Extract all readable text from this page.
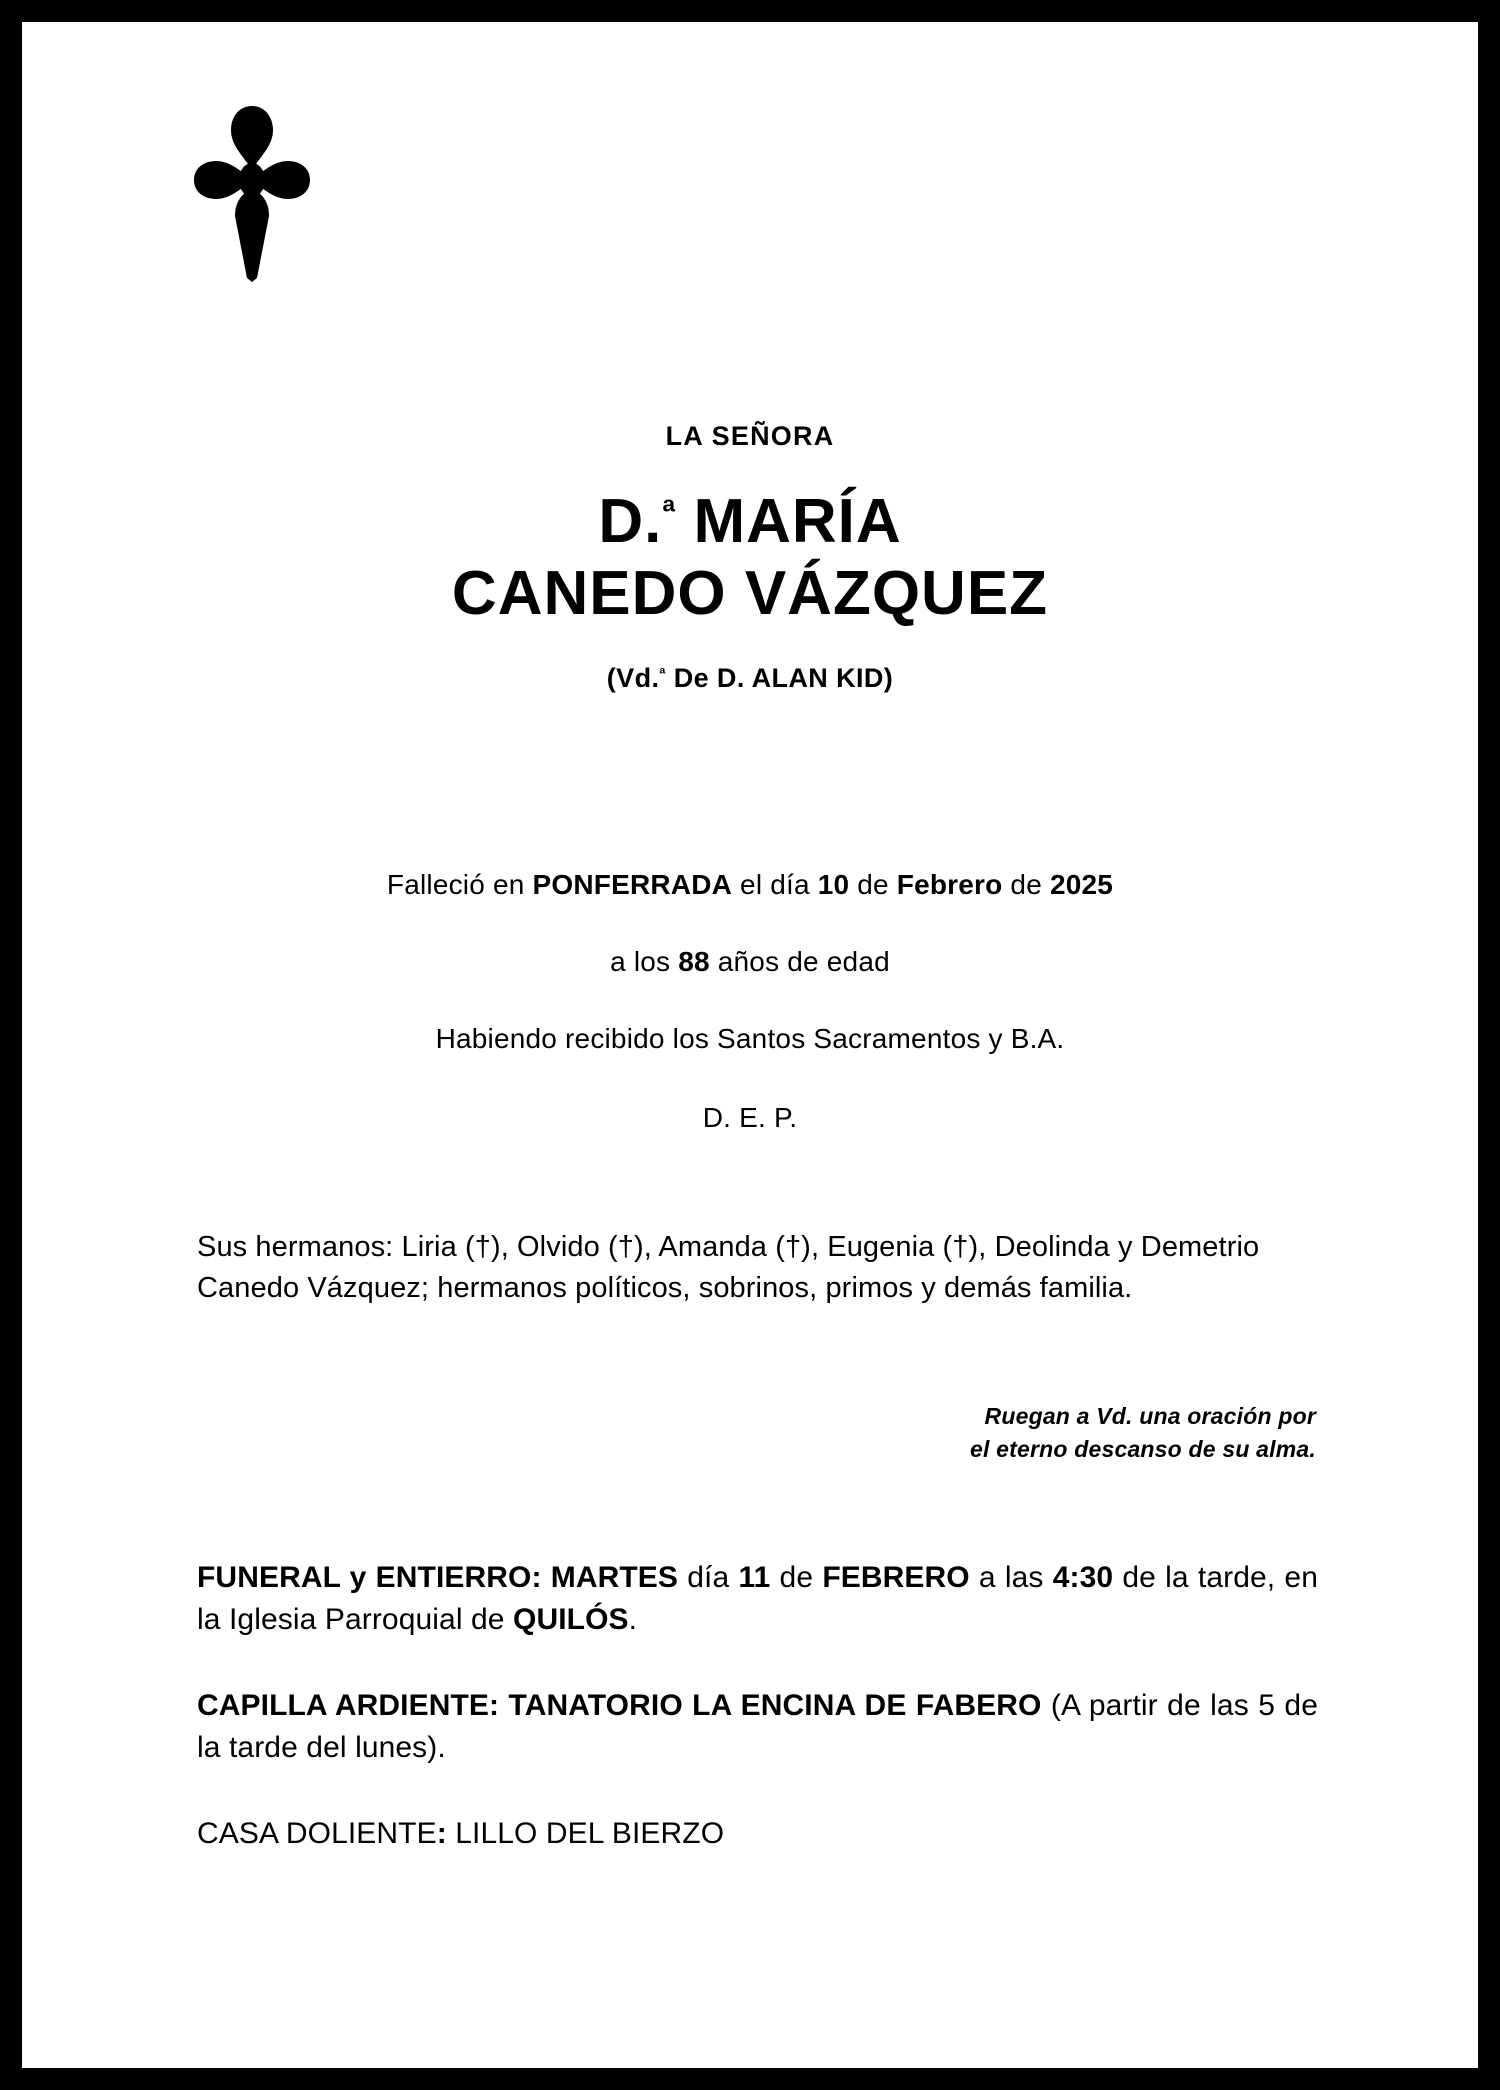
LA SEÑORA
D.$^ª$ MARÍA
CANEDO VÁZQUEZ
(Vd.$^ª$ De D. ALAN KID)

Falleció en PONFERRADA el día 10 de Febrero de 2025

a los 88 años de edad

Habiendo recibido los Santos Sacramentos y B.A.

D. E. P.

Sus hermanos: Liria (†), Olvido (†), Amanda (†), Eugenia (†), Deolinda y Demetrio Canedo Vázquez; hermanos políticos, sobrinos, primos y demás familia.

Ruegan a Vd. una oración por

el eterno descanso de su alma.

FUNERAL y ENTIERRO: MARTES día 11 de FEBRERO a las 4:30 de la tarde, en la Iglesia Parroquial de QUILÓS.

CAPILLA ARDIENTE: TANATORIO LA ENCINA DE FABERO (A partir de las 5 de la tarde del lunes).

CASA DOLIENTE: LILLO DEL BIERZO
